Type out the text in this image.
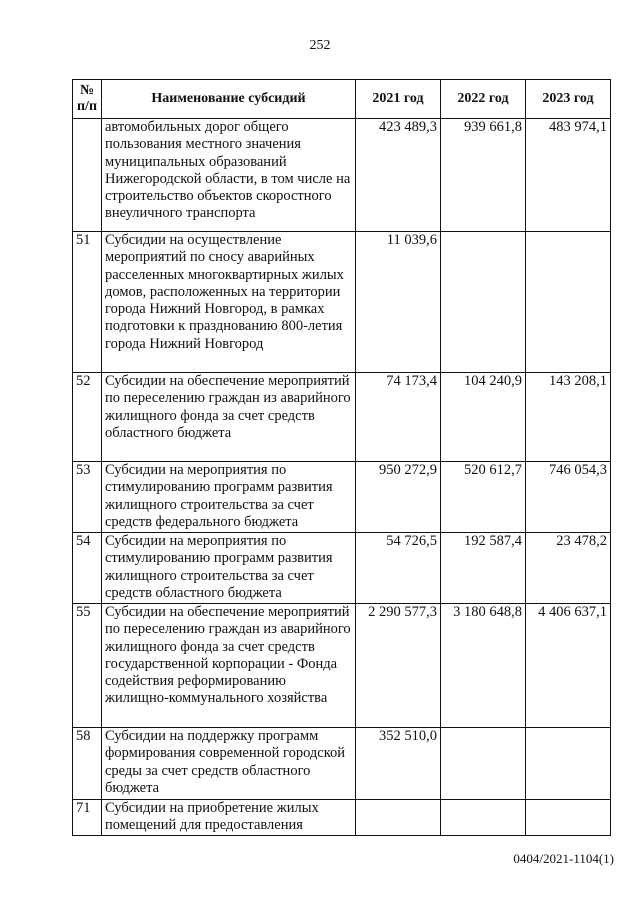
252
№ п/п	Наименование субсидий	2021 год	2022 год	2023 год
	автомобильных дорог общего пользования местного значения муниципальных образований Нижегородской области, в том числе на строительство объектов скоростного внеуличного транспорта	423 489,3	939 661,8	483 974,1
51	Субсидии на осуществление мероприятий по сносу аварийных расселенных многоквартирных жилых домов, расположенных на территории города Нижний Новгород, в рамках подготовки к празднованию 800-летия города Нижний Новгород	11 039,6		
52	Субсидии на обеспечение мероприятий по переселению граждан из аварийного жилищного фонда за счет средств областного бюджета	74 173,4	104 240,9	143 208,1
53	Субсидии на мероприятия по стимулированию программ развития жилищного строительства за счет средств федерального бюджета	950 272,9	520 612,7	746 054,3
54	Субсидии на мероприятия по стимулированию программ развития жилищного строительства за счет средств областного бюджета	54 726,5	192 587,4	23 478,2
55	Субсидии на обеспечение мероприятий по переселению граждан из аварийного жилищного фонда за счет средств государственной корпорации - Фонда содействия реформированию жилищно-коммунального хозяйства	2 290 577,3	3 180 648,8	4 406 637,1
58	Субсидии на поддержку программ формирования современной городской среды за счет средств областного бюджета	352 510,0		
71	Субсидии на приобретение жилых помещений для предоставления			
0404/2021-1104(1)
